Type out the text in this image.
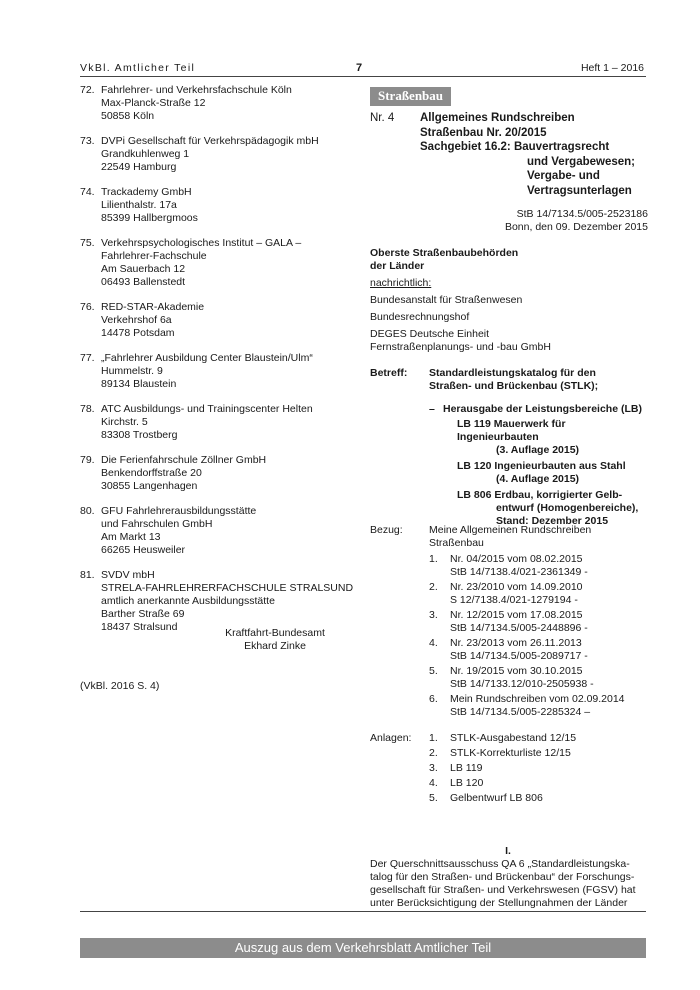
VkBl. Amtlicher Teil	7	Heft 1 – 2016
72. Fahrlehrer- und Verkehrsfachschule Köln
Max-Planck-Straße 12
50858 Köln
73. DVPi Gesellschaft für Verkehrspädagogik mbH
Grandkuhlenweg 1
22549 Hamburg
74. Trackademy GmbH
Lilienthalstr. 17a
85399 Hallbergmoos
75. Verkehrspsychologisches Institut – GALA –
Fahrlehrer-Fachschule
Am Sauerbach 12
06493 Ballenstedt
76. RED-STAR-Akademie
Verkehrshof 6a
14478 Potsdam
77. „Fahrlehrer Ausbildung Center Blaustein/Ulm“
Hummelstr. 9
89134 Blaustein
78. ATC Ausbildungs- und Trainingscenter Helten
Kirchstr. 5
83308 Trostberg
79. Die Ferienfahrschule Zöllner GmbH
Benkendorffstraße 20
30855 Langenhagen
80. GFU Fahrlehrerausbildungsstätte
und Fahrschulen GmbH
Am Markt 13
66265 Heusweiler
81. SVDV mbH
STRELA-FAHRLEHRERFACHSCHULE STRALSUND
amtlich anerkannte Ausbildungsstätte
Barther Straße 69
18437 Stralsund	Kraftfahrt-Bundesamt
Ekhard Zinke
(VkBl. 2016 S. 4)
Straßenbau
Nr. 4 Allgemeines Rundschreiben
Straßenbau Nr. 20/2015
Sachgebiet 16.2: Bauvertragsrecht
und Vergabewesen;
Vergabe- und
Vertragsunterlagen
StB 14/7134.5/005-2523186
Bonn, den 09. Dezember 2015
Oberste Straßenbaubehörden
der Länder
nachrichtlich:
Bundesanstalt für Straßenwesen
Bundesrechnungshof
DEGES Deutsche Einheit
Fernstraßenplanungs- und -bau GmbH
Betreff: Standardleistungskatalog für den
Straßen- und Brückenbau (STLK);
– Herausgabe der Leistungsbereiche (LB)
LB 119 Mauerwerk für Ingenieurbauten
(3. Auflage 2015)
LB 120 Ingenieurbauten aus Stahl
(4. Auflage 2015)
LB 806 Erdbau, korrigierter Gelb-
entwurf (Homogenbereiche),
Stand: Dezember 2015
Bezug:	Meine Allgemeinen Rundschreiben
Straßenbau
1. Nr. 04/2015 vom 08.02.2015
StB 14/7138.4/021-2361349 -
2. Nr. 23/2010 vom 14.09.2010
S 12/7138.4/021-1279194 -
3. Nr. 12/2015 vom 17.08.2015
StB 14/7134.5/005-2448896 -
4. Nr. 23/2013 vom 26.11.2013
StB 14/7134.5/005-2089717 -
5. Nr. 19/2015 vom 30.10.2015
StB 14/7133.12/010-2505938 -
6. Mein Rundschreiben vom 02.09.2014
StB 14/7134.5/005-2285324 –
Anlagen: 1. STLK-Ausgabestand 12/15
2. STLK-Korrekturliste 12/15
3. LB 119
4. LB 120
5. Gelbentwurf LB 806
I.
Der Querschnittsausschuss QA 6 „Standardleistungska-
talog für den Straßen- und Brückenbau“ der Forschungs-
gesellschaft für Straßen- und Verkehrswesen (FGSV) hat
unter Berücksichtigung der Stellungnahmen der Länder
Auszug aus dem Verkehrsblatt Amtlicher Teil
